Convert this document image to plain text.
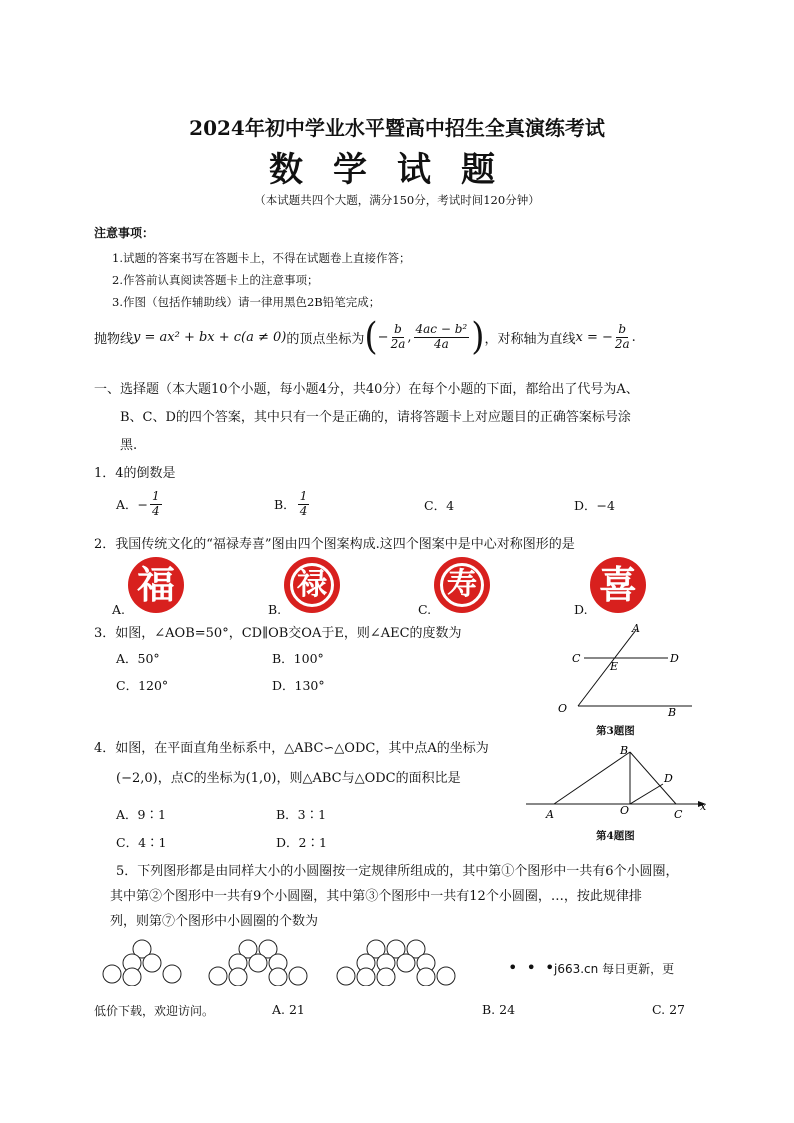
2024年初中学业水平暨高中招生全真演练考试
数学试题
（本试题共四个大题，满分150分，考试时间120分钟）
注意事项：
1.试题的答案书写在答题卡上，不得在试题卷上直接作答；
2.作答前认真阅读答题卡上的注意事项；
3.作图（包括作辅助线）请一律用黑色2B铅笔完成；
抛物线 y = ax² + bx + c(a ≠ 0) 的顶点坐标为 ( − $\frac{b}{2a}$ , $\frac{\text{4ac − b²}}{4a}$ ) ，对称轴为直线 x = − $\frac{b}{2a}$ .
一、选择题（本大题10个小题，每小题4分，共40分）在每个小题的下面，都给出了代号为A、
B、C、D的四个答案，其中只有一个是正确的，请将答题卡上对应题目的正确答案标号涂
黑.
1．4的倒数是
A．− $\frac{1}{4}$	B． $\frac{1}{4}$	C．4	D．−4
2．我国传统文化的“福禄寿喜”图由四个图案构成.这四个图案中是中心对称图形的是
福	禄	寿	喜
A.	B.	C.	D.
3．如图，∠AOB=50°，CD∥OB交OA于E，则∠AEC的度数为
A．50°	B．100°
C．120°	D．130°
A
C
E
D
O	B
第3题图
4．如图，在平面直角坐标系中，△ABC∽△ODC，其中点A的坐标为
(−2,0)，点C的坐标为(1,0)，则△ABC与△ODC的面积比是
A．9∶1	B．3∶1
C．4∶1	D．2∶1
B
D
O	C
A
x
第4题图
5．下列图形都是由同样大小的小圆圈按一定规律所组成的，其中第①个图形中一共有6个小圆圈，
其中第②个图形中一共有9个小圆圈，其中第③个图形中一共有12个小圆圈，…，按此规律排
列，则第⑦个图形中小圆圈的个数为
• • •
j663.cn 每日更新，更
低价下载，欢迎访问。	A. 21	B. 24	C. 27
